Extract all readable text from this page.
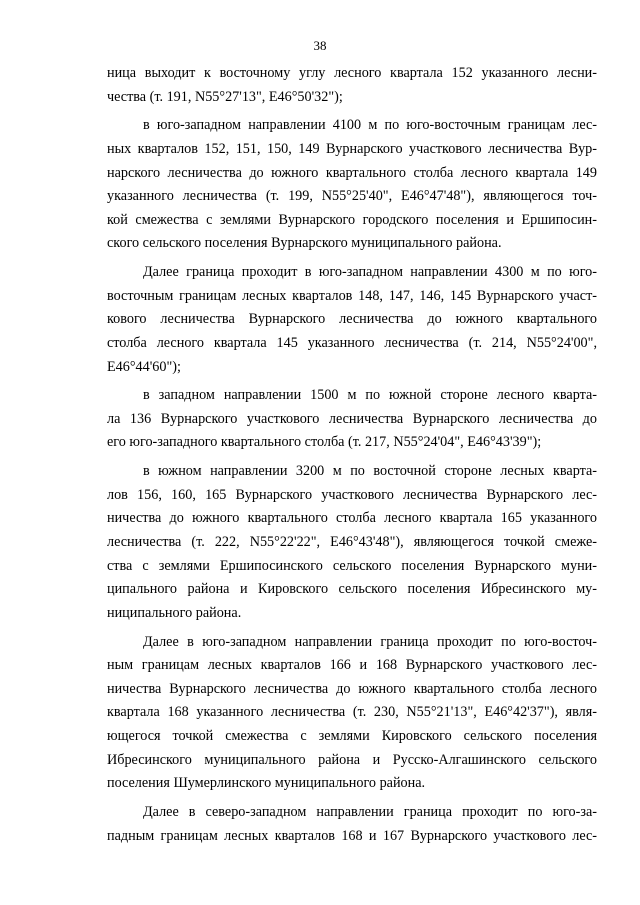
38
ница выходит к восточному углу лесного квартала 152 указанного лесни-
чества (т. 191, N55°27'13", E46°50'32");
в юго-западном направлении 4100 м по юго-восточным границам лес-
ных кварталов 152, 151, 150, 149 Вурнарского участкового лесничества Вур-
нарского лесничества до южного квартального столба лесного квартала 149
указанного лесничества (т. 199, N55°25'40", E46°47'48"), являющегося точ-
кой смежества с землями Вурнарского городского поселения и Ершипосин-
ского сельского поселения Вурнарского муниципального района.
Далее граница проходит в юго-западном направлении 4300 м по юго-
восточным границам лесных кварталов 148, 147, 146, 145 Вурнарского участ-
кового лесничества Вурнарского лесничества до южного квартального
столба лесного квартала 145 указанного лесничества (т. 214, N55°24'00",
E46°44'60");
в западном направлении 1500 м по южной стороне лесного кварта-
ла 136 Вурнарского участкового лесничества Вурнарского лесничества до
его юго-западного квартального столба (т. 217, N55°24'04", E46°43'39");
в южном направлении 3200 м по восточной стороне лесных кварта-
лов 156, 160, 165 Вурнарского участкового лесничества Вурнарского лес-
ничества до южного квартального столба лесного квартала 165 указанного
лесничества (т. 222, N55°22'22", E46°43'48"), являющегося точкой смеже-
ства с землями Ершипосинского сельского поселения Вурнарского муни-
ципального района и Кировского сельского поселения Ибресинского му-
ниципального района.
Далее в юго-западном направлении граница проходит по юго-восточ-
ным границам лесных кварталов 166 и 168 Вурнарского участкового лес-
ничества Вурнарского лесничества до южного квартального столба лесного
квартала 168 указанного лесничества (т. 230, N55°21'13", E46°42'37"), явля-
ющегося точкой смежества с землями Кировского сельского поселения
Ибресинского муниципального района и Русско-Алгашинского сельского
поселения Шумерлинского муниципального района.
Далее в северо-западном направлении граница проходит по юго-за-
падным границам лесных кварталов 168 и 167 Вурнарского участкового лес-
